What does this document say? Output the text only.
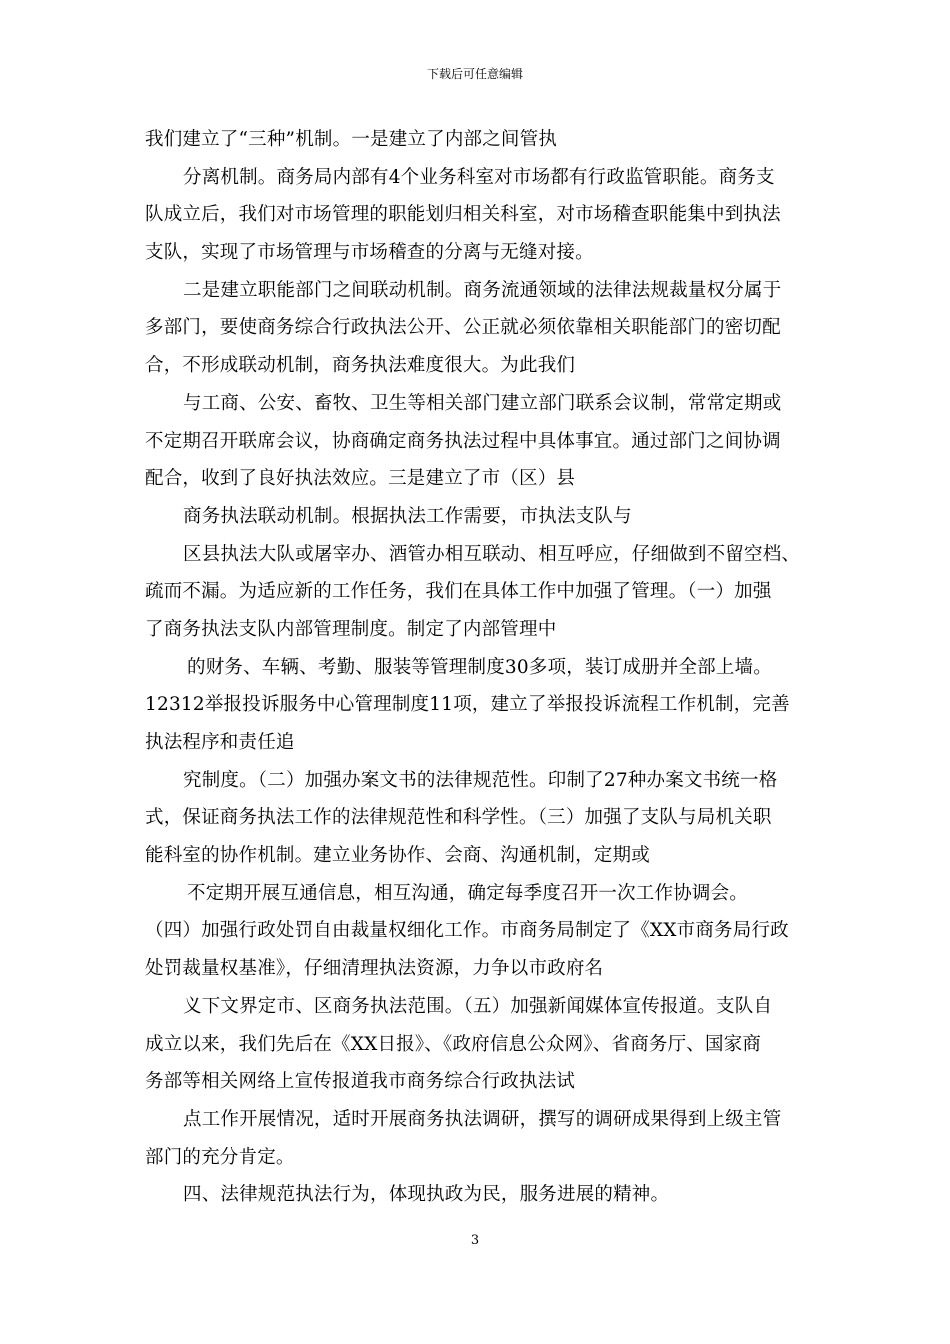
下载后可任意编辑
我们建立了“三种”机制。一是建立了内部之间管执
分离机制。商务局内部有4个业务科室对市场都有行政监管职能。商务支
队成立后，我们对市场管理的职能划归相关科室，对市场稽查职能集中到执法
支队，实现了市场管理与市场稽查的分离与无缝对接。
二是建立职能部门之间联动机制。商务流通领域的法律法规裁量权分属于
多部门，要使商务综合行政执法公开、公正就必须依靠相关职能部门的密切配
合，不形成联动机制，商务执法难度很大。为此我们
与工商、公安、畜牧、卫生等相关部门建立部门联系会议制，常常定期或
不定期召开联席会议，协商确定商务执法过程中具体事宜。通过部门之间协调
配合，收到了良好执法效应。三是建立了市（区）县
商务执法联动机制。根据执法工作需要，市执法支队与
区县执法大队或屠宰办、酒管办相互联动、相互呼应，仔细做到不留空档、
疏而不漏。为适应新的工作任务，我们在具体工作中加强了管理。（一）加强
了商务执法支队内部管理制度。制定了内部管理中
的财务、车辆、考勤、服装等管理制度30多项，装订成册并全部上墙。
12312举报投诉服务中心管理制度11项，建立了举报投诉流程工作机制，完善
执法程序和责任追
究制度。（二）加强办案文书的法律规范性。印制了27种办案文书统一格
式，保证商务执法工作的法律规范性和科学性。（三）加强了支队与局机关职
能科室的协作机制。建立业务协作、会商、沟通机制，定期或
不定期开展互通信息，相互沟通，确定每季度召开一次工作协调会。
（四）加强行政处罚自由裁量权细化工作。市商务局制定了《XX市商务局行政
处罚裁量权基准》，仔细清理执法资源，力争以市政府名
义下文界定市、区商务执法范围。（五）加强新闻媒体宣传报道。支队自
成立以来，我们先后在《XX日报》、《政府信息公众网》、省商务厅、国家商
务部等相关网络上宣传报道我市商务综合行政执法试
点工作开展情况，适时开展商务执法调研，撰写的调研成果得到上级主管
部门的充分肯定。
四、法律规范执法行为，体现执政为民，服务进展的精神。
3
